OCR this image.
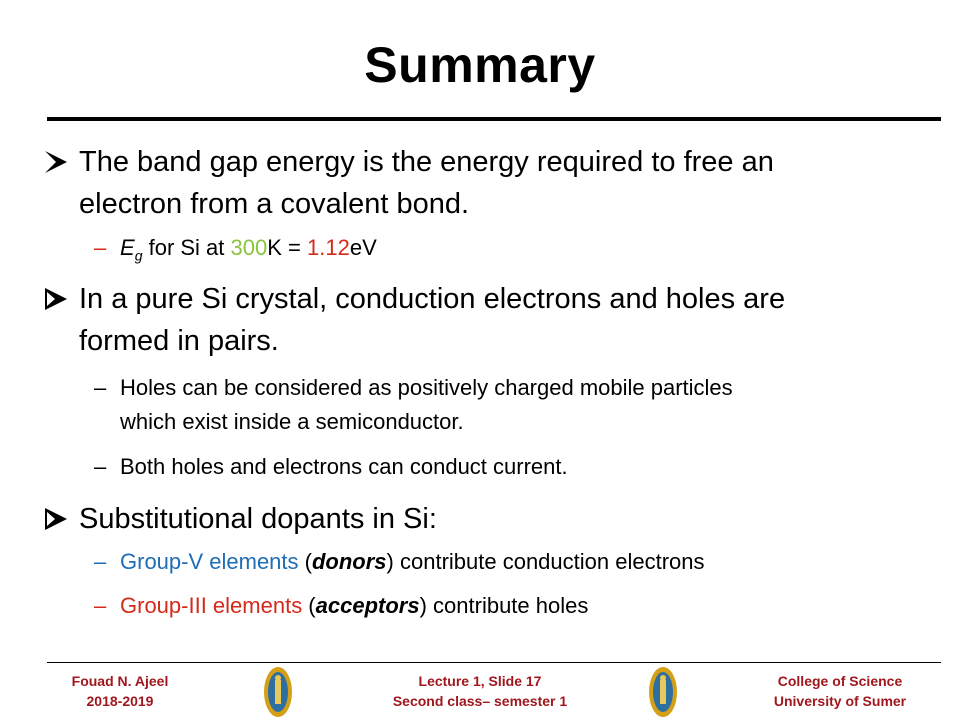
Summary
The band gap energy is the energy required to free an
electron from a covalent bond.
– $E_g$ for Si at 300K = 1.12eV
In a pure Si crystal, conduction electrons and holes are
formed in pairs.
– Holes can be considered as positively charged mobile particles
which exist inside a semiconductor.
– Both holes and electrons can conduct current.
Substitutional dopants in Si:
– Group-V elements (donors) contribute conduction electrons
– Group-III elements (acceptors) contribute holes
Fouad N. Ajeel
2018-2019
Lecture 1, Slide 17
Second class– semester 1
College of Science
University of Sumer
